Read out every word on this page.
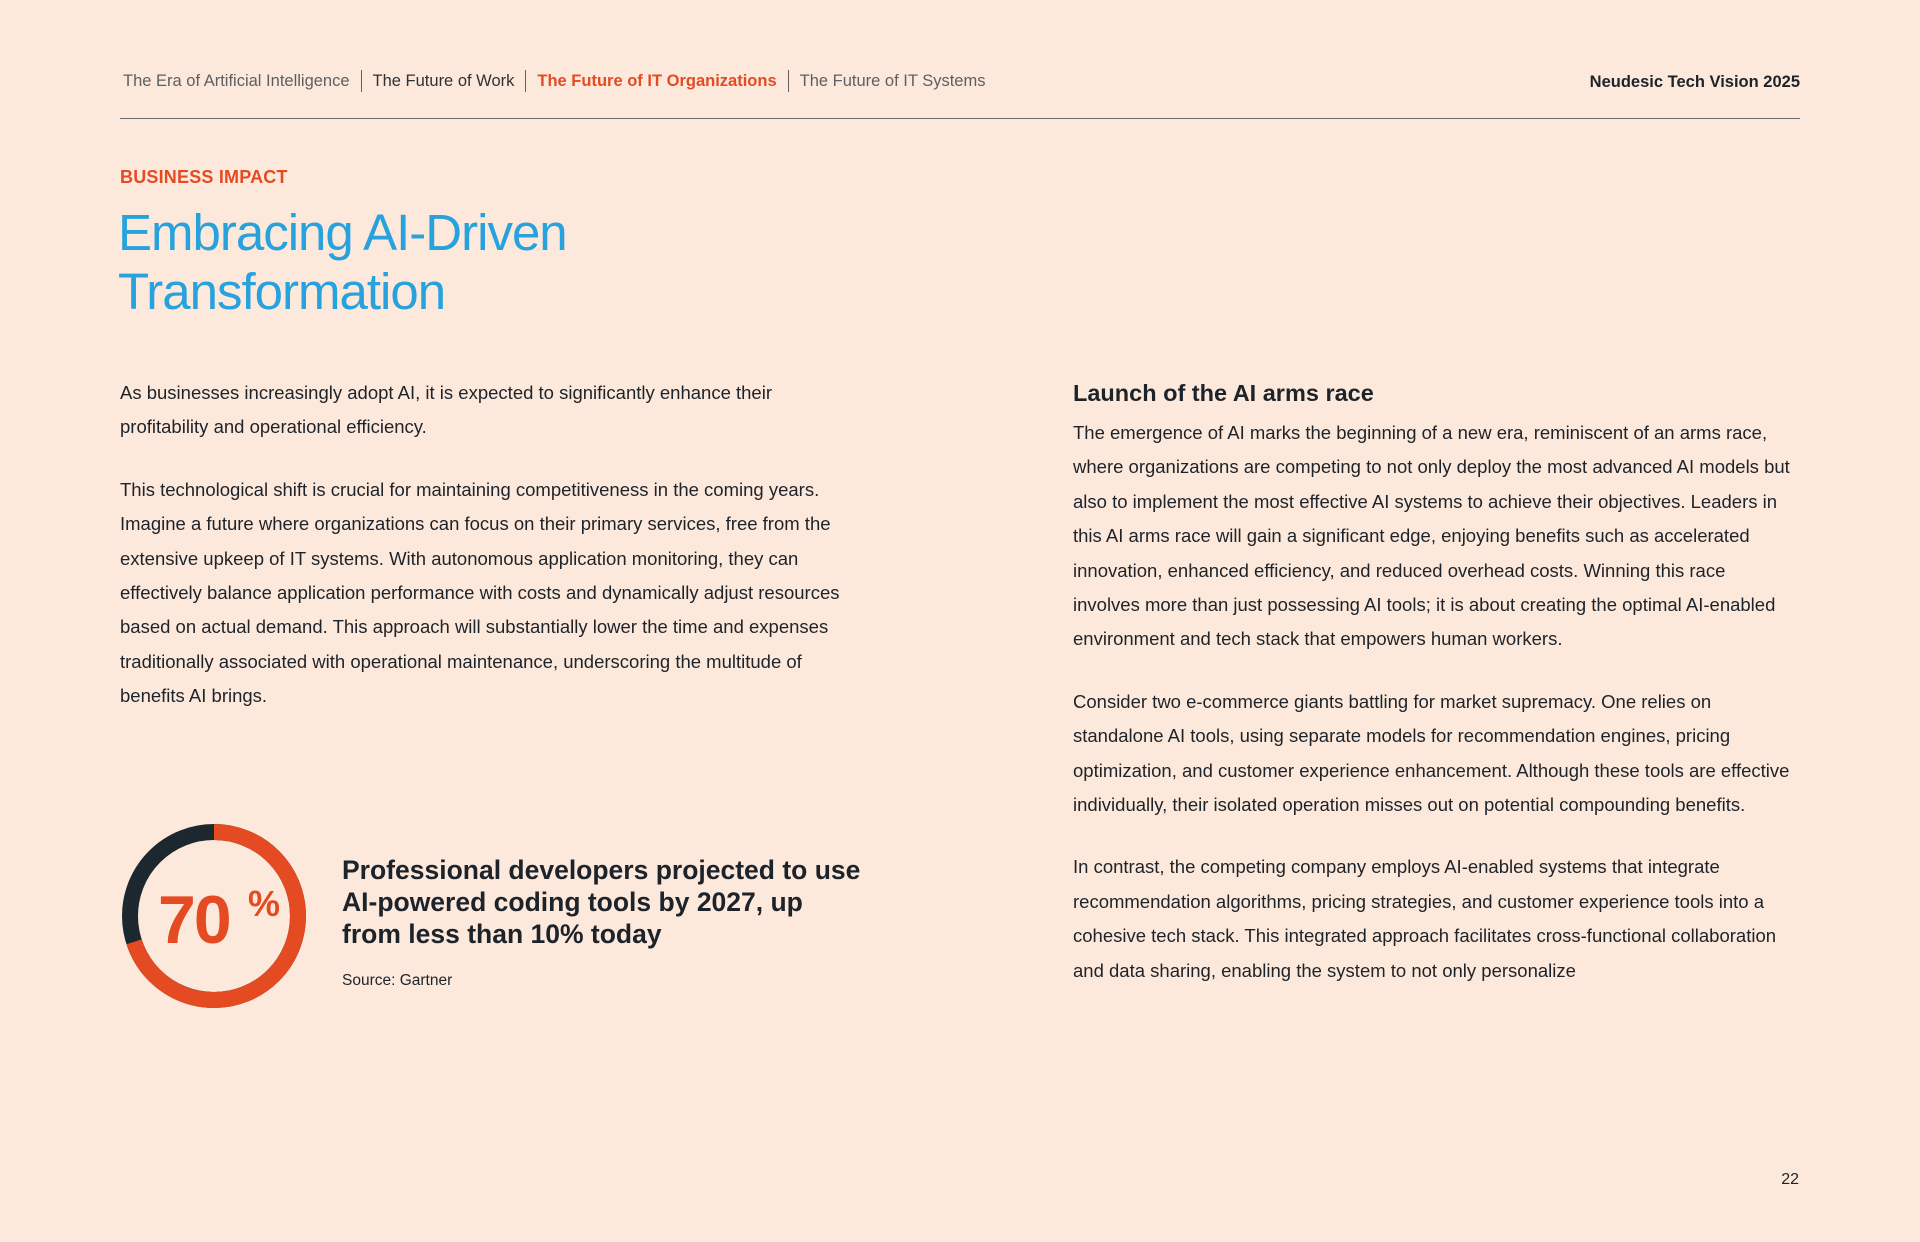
The Era of Artificial Intelligence	The Future of Work	The Future of IT Organizations	The Future of IT Systems	Neudesic Tech Vision 2025
BUSINESS IMPACT
Embracing AI-Driven
Transformation

As businesses increasingly adopt AI, it is expected to significantly enhance their profitability and operational efficiency.

This technological shift is crucial for maintaining competitiveness in the coming years. Imagine a future where organizations can focus on their primary services, free from the extensive upkeep of IT systems. With autonomous application monitoring, they can effectively balance application performance with costs and dynamically adjust resources based on actual demand. This approach will substantially lower the time and expenses traditionally associated with operational maintenance, underscoring the multitude of benefits AI brings.

70 %
Professional developers projected to use AI-powered coding tools by 2027, up from less than 10% today
Source: Gartner
Launch of the AI arms race

The emergence of AI marks the beginning of a new era, reminiscent of an arms race, where organizations are competing to not only deploy the most advanced AI models but also to implement the most effective AI systems to achieve their objectives. Leaders in this AI arms race will gain a significant edge, enjoying benefits such as accelerated innovation, enhanced efficiency, and reduced overhead costs. Winning this race involves more than just possessing AI tools; it is about creating the optimal AI-enabled environment and tech stack that empowers human workers.

Consider two e-commerce giants battling for market supremacy. One relies on standalone AI tools, using separate models for recommendation engines, pricing optimization, and customer experience enhancement. Although these tools are effective individually, their isolated operation misses out on potential compounding benefits.

In contrast, the competing company employs AI-enabled systems that integrate recommendation algorithms, pricing strategies, and customer experience tools into a cohesive tech stack. This integrated approach facilitates cross-functional collaboration and data sharing, enabling the system to not only personalize

22
